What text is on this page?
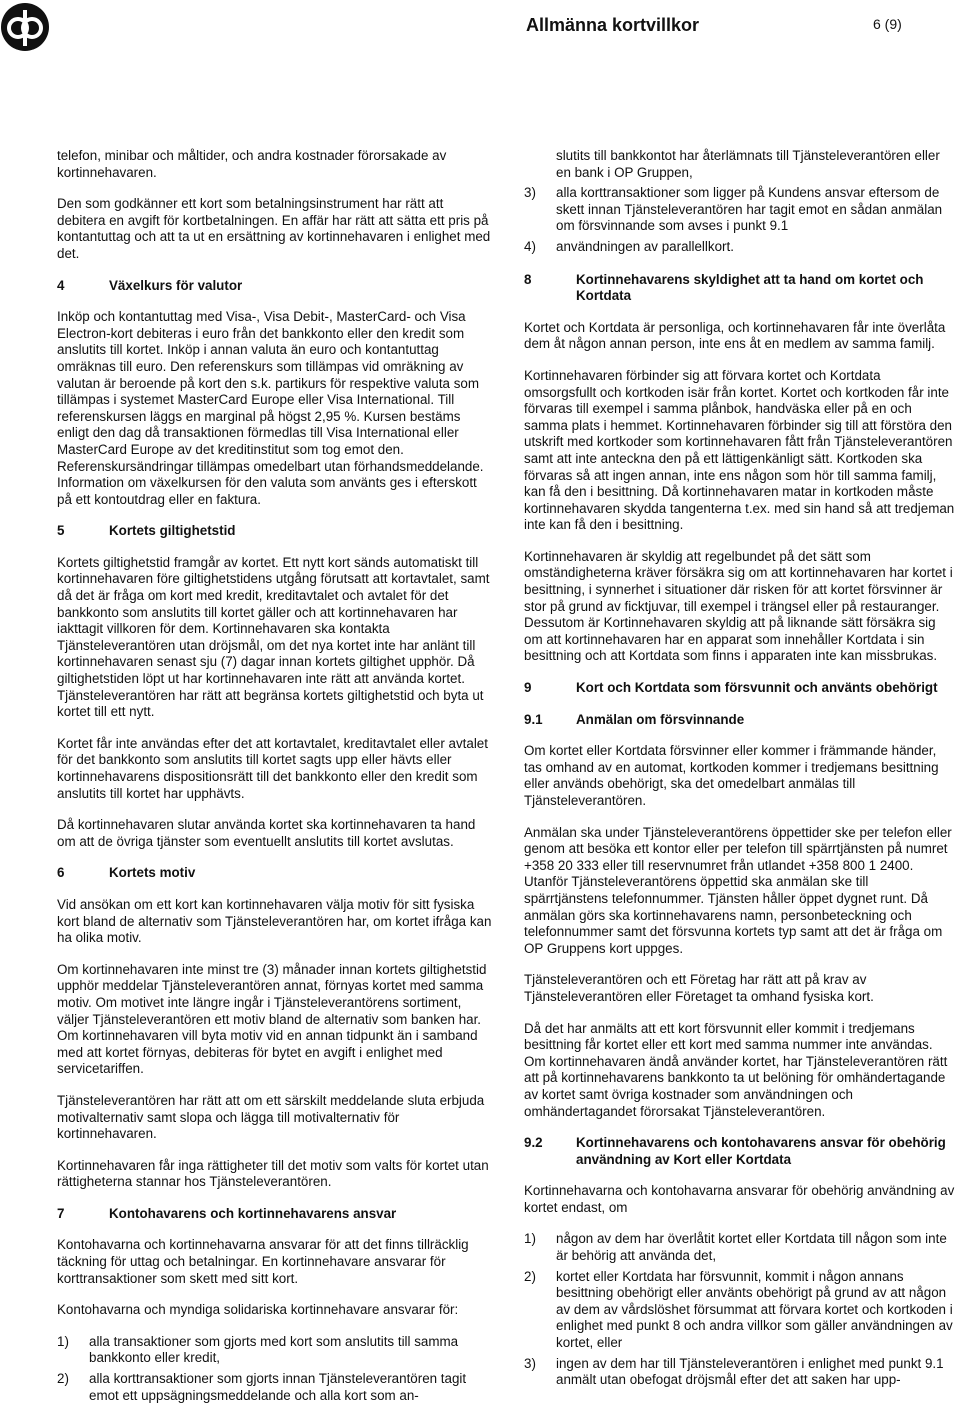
Allmänna kortvillkor	6 (9)

telefon, minibar och måltider, och andra kostnader förorsakade av kortinnehavaren.

Den som godkänner ett kort som betalningsinstrument har rätt att debitera en avgift för kortbetalningen. En affär har rätt att sätta ett pris på kontantuttag och att ta ut en ersättning av kortinnehavaren i enlighet med det.

4	Växelkurs för valutor

Inköp och kontantuttag med Visa-, Visa Debit-, MasterCard- och Visa Electron-kort debiteras i euro från det bankkonto eller den kredit som anslutits till kortet. Inköp i annan valuta än euro och kontantuttag omräknas till euro. Den referenskurs som tillämpas vid omräkning av valutan är beroende på kort den s.k. partikurs för respektive valuta som tillämpas i systemet MasterCard Europe eller Visa International. Till referenskursen läggs en marginal på högst 2,95 %. Kursen bestäms enligt den dag då transaktionen förmedlas till Visa International eller MasterCard Europe av det kreditinstitut som tog emot den. Referenskursändringar tillämpas omedelbart utan förhandsmeddelande. Information om växelkursen för den valuta som använts ges i efterskott på ett kontoutdrag eller en faktura.

5	Kortets giltighetstid

Kortets giltighetstid framgår av kortet. Ett nytt kort sänds automatiskt till kortinnehavaren före giltighetstidens utgång förutsatt att kortavtalet, samt då det är fråga om kort med kredit, kreditavtalet och avtalet för det bankkonto som anslutits till kortet gäller och att kortinnehavaren har iakttagit villkoren för dem. Kortinnehavaren ska kontakta Tjänsteleverantören utan dröjsmål, om det nya kortet inte har anlänt till kortinnehavaren senast sju (7) dagar innan kortets giltighet upphör. Då giltighetstiden löpt ut har kortinnehavaren inte rätt att använda kortet. Tjänsteleverantören har rätt att begränsa kortets giltighetstid och byta ut kortet till ett nytt.

Kortet får inte användas efter det att kortavtalet, kreditavtalet eller avtalet för det bankkonto som anslutits till kortet sagts upp eller hävts eller kortinnehavarens dispositionsrätt till det bankkonto eller den kredit som anslutits till kortet har upphävts.

Då kortinnehavaren slutar använda kortet ska kortinnehavaren ta hand om att de övriga tjänster som eventuellt anslutits till kortet avslutas.

6	Kortets motiv

Vid ansökan om ett kort kan kortinnehavaren välja motiv för sitt fysiska kort bland de alternativ som Tjänsteleverantören har, om kortet ifråga kan ha olika motiv.

Om kortinnehavaren inte minst tre (3) månader innan kortets giltighetstid upphör meddelar Tjänsteleverantören annat, förnyas kortet med samma motiv. Om motivet inte längre ingår i Tjänsteleverantörens sortiment, väljer Tjänsteleverantören ett motiv bland de alternativ som banken har. Om kortinnehavaren vill byta motiv vid en annan tidpunkt än i samband med att kortet förnyas, debiteras för bytet en avgift i enlighet med servicetariffen.

Tjänsteleverantören har rätt att om ett särskilt meddelande sluta erbjuda motivalternativ samt slopa och lägga till motivalternativ för kortinnehavaren.

Kortinnehavaren får inga rättigheter till det motiv som valts för kortet utan rättigheterna stannar hos Tjänsteleverantören.

7	Kontohavarens och kortinnehavarens ansvar

Kontohavarna och kortinnehavarna ansvarar för att det finns tillräcklig täckning för uttag och betalningar. En kortinnehavare ansvarar för korttransaktioner som skett med sitt kort.

Kontohavarna och myndiga solidariska kortinnehavare ansvarar för:

1)	alla transaktioner som gjorts med kort som anslutits till samma bankkonto eller kredit,
2)	alla korttransaktioner som gjorts innan Tjänsteleverantören tagit emot ett uppsägningsmeddelande och alla kort som an-
slutits till bankkontot har återlämnats till Tjänsteleverantören eller en bank i OP Gruppen,
3)	alla korttransaktioner som ligger på Kundens ansvar eftersom de skett innan Tjänsteleverantören har tagit emot en sådan anmälan om försvinnande som avses i punkt 9.1
4)	användningen av parallellkort.
8	Kortinnehavarens skyldighet att ta hand om kortet och Kortdata

Kortet och Kortdata är personliga, och kortinnehavaren får inte överlåta dem åt någon annan person, inte ens åt en medlem av samma familj.

Kortinnehavaren förbinder sig att förvara kortet och Kortdata omsorgsfullt och kortkoden isär från kortet. Kortet och kortkoden får inte förvaras till exempel i samma plånbok, handväska eller på en och samma plats i hemmet. Kortinnehavaren förbinder sig till att förstöra den utskrift med kortkoder som kortinnehavaren fått från Tjänsteleverantören samt att inte anteckna den på ett lättigenkänligt sätt. Kortkoden ska förvaras så att ingen annan, inte ens någon som hör till samma familj, kan få den i besittning. Då kortinnehavaren matar in kortkoden måste kortinnehavaren skydda tangenterna t.ex. med sin hand så att tredjeman inte kan få den i besittning.

Kortinnehavaren är skyldig att regelbundet på det sätt som omständigheterna kräver försäkra sig om att kortinnehavaren har kortet i besittning, i synnerhet i situationer där risken för att kortet försvinner är stor på grund av ficktjuvar, till exempel i trängsel eller på restauranger. Dessutom är Kortinnehavaren skyldig att på liknande sätt försäkra sig om att kortinnehavaren har en apparat som innehåller Kortdata i sin besittning och att Kortdata som finns i apparaten inte kan missbrukas.

9	Kort och Kortdata som försvunnit och använts obehörigt
9.1	Anmälan om försvinnande

Om kortet eller Kortdata försvinner eller kommer i främmande händer, tas omhand av en automat, kortkoden kommer i tredjemans besittning eller används obehörigt, ska det omedelbart anmälas till Tjänsteleverantören.

Anmälan ska under Tjänsteleverantörens öppettider ske per telefon eller genom att besöka ett kontor eller per telefon till spärrtjänsten på numret +358 20 333 eller till reservnumret från utlandet +358 800 1 2400. Utanför Tjänsteleverantörens öppettid ska anmälan ske till spärrtjänstens telefonnummer. Tjänsten håller öppet dygnet runt. Då anmälan görs ska kortinnehavarens namn, personbeteckning och telefonnummer samt det försvunna kortets typ samt att det är fråga om OP Gruppens kort uppges.

Tjänsteleverantören och ett Företag har rätt att på krav av Tjänsteleverantören eller Företaget ta omhand fysiska kort.

Då det har anmälts att ett kort försvunnit eller kommit i tredjemans besittning får kortet eller ett kort med samma nummer inte användas. Om kortinnehavaren ändå använder kortet, har Tjänsteleverantören rätt att på kortinnehavarens bankkonto ta ut belöning för omhändertagande av kortet samt övriga kostnader som användningen och omhändertagandet förorsakat Tjänsteleverantören.

9.2	Kortinnehavarens och kontohavarens ansvar för obehörig användning av Kort eller Kortdata

Kortinnehavarna och kontohavarna ansvarar för obehörig användning av kortet endast, om

1)	någon av dem har överlåtit kortet eller Kortdata till någon som inte är behörig att använda det,
2)	kortet eller Kortdata har försvunnit, kommit i någon annans besittning obehörigt eller använts obehörigt på grund av att någon av dem av vårdslöshet försummat att förvara kortet och kortkoden i enlighet med punkt 8 och andra villkor som gäller användningen av kortet, eller
3)	ingen av dem har till Tjänsteleverantören i enlighet med punkt 9.1 anmält utan obefogat dröjsmål efter det att saken har upp-
